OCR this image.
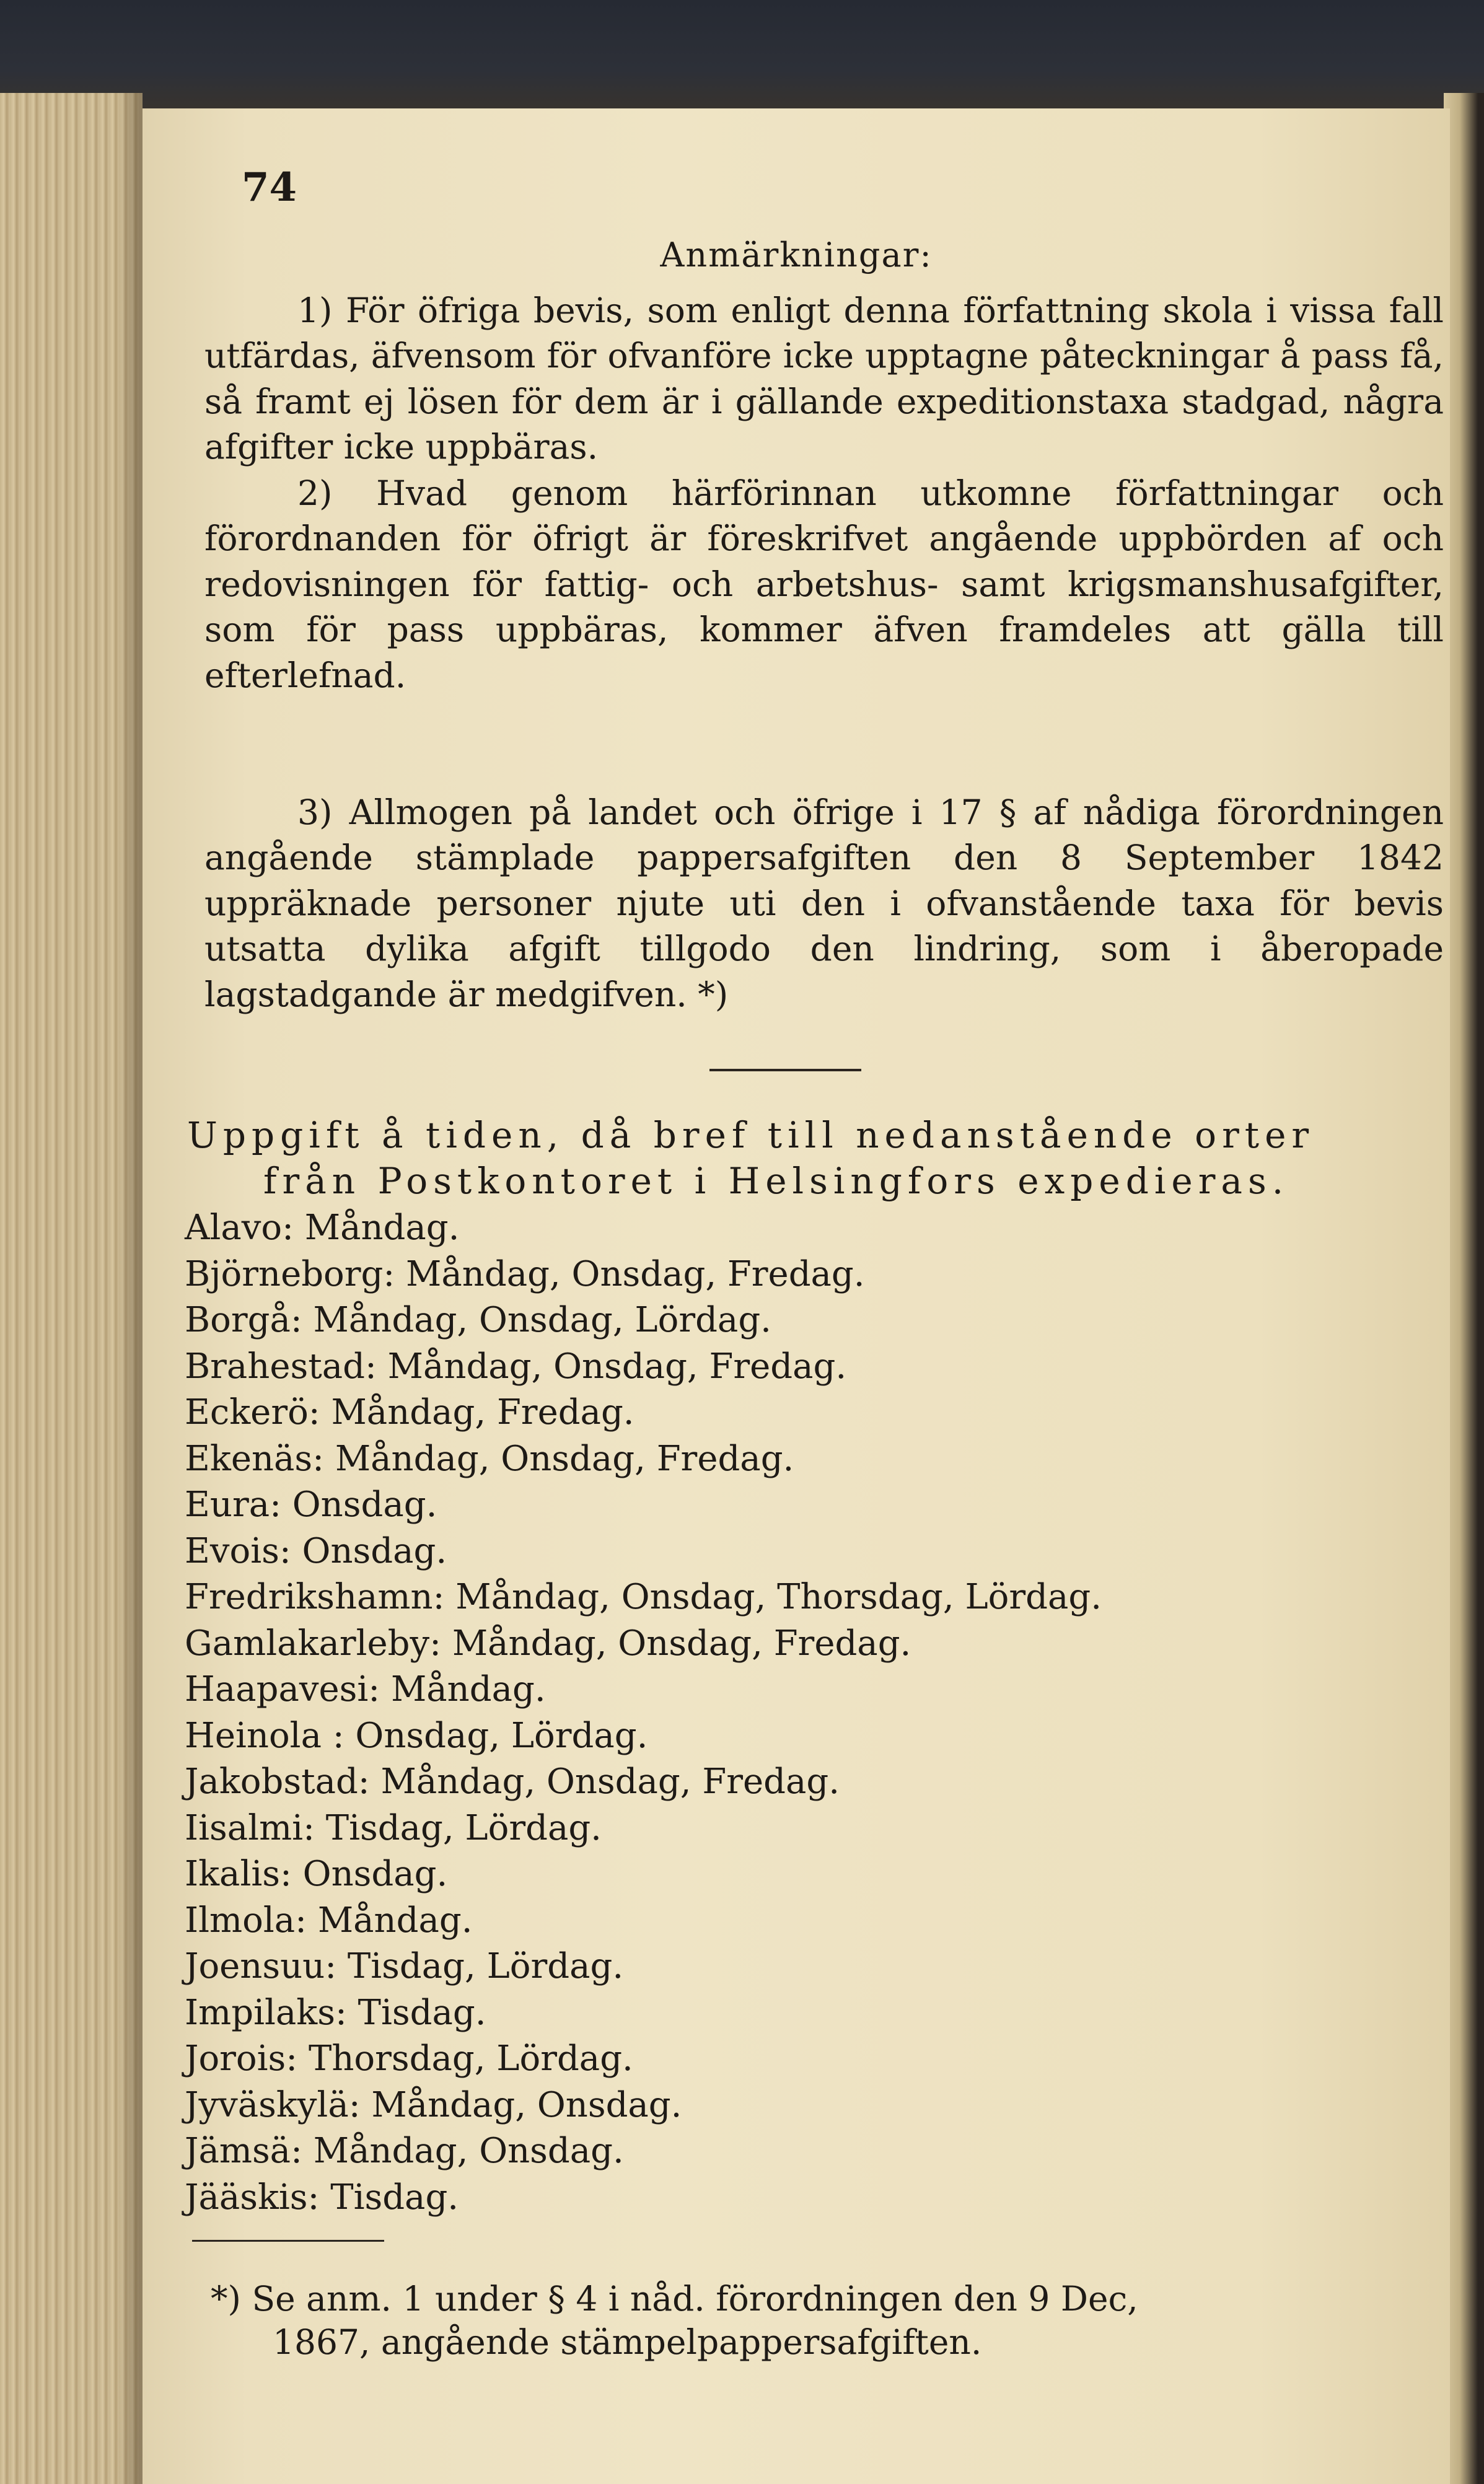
74
Anmärkningar:

1) För öfriga bevis, som enligt denna författning skola i vissa fall utfärdas, äfvensom för ofvanföre icke upptagne påteckningar å pass få, så framt ej lösen för dem är i gällande expeditionstaxa stadgad, några afgifter icke uppbäras.

2) Hvad genom härförinnan utkomne författningar och förordnanden för öfrigt är föreskrifvet angående uppbörden af och redovisningen för fattig- och arbetshus- samt krigsmanshusafgifter, som för pass uppbäras, kommer äfven framdeles att gälla till efterlefnad.

3) Allmogen på landet och öfrige i 17 § af nådiga förordningen angående stämplade pappersafgiften den 8 September 1842 uppräknade personer njute uti den i ofvanstående taxa för bevis utsatta dylika afgift tillgodo den lindring, som i åberopade lagstadgande är medgifven. *)

Uppgift å tiden, då bref till nedanstående orter
från Postkontoret i Helsingfors expedieras.

Alavo: Måndag.
Björneborg: Måndag, Onsdag, Fredag.
Borgå: Måndag, Onsdag, Lördag.
Brahestad: Måndag, Onsdag, Fredag.
Eckerö: Måndag, Fredag.
Ekenäs: Måndag, Onsdag, Fredag.
Eura: Onsdag.
Evois: Onsdag.
Fredrikshamn: Måndag, Onsdag, Thorsdag, Lördag.
Gamlakarleby: Måndag, Onsdag, Fredag.
Haapavesi: Måndag.
Heinola : Onsdag, Lördag.
Jakobstad: Måndag, Onsdag, Fredag.
Iisalmi: Tisdag, Lördag.
Ikalis: Onsdag.
Ilmola: Måndag.
Joensuu: Tisdag, Lördag.
Impilaks: Tisdag.
Jorois: Thorsdag, Lördag.
Jyväskylä: Måndag, Onsdag.
Jämsä: Måndag, Onsdag.
Jääskis: Tisdag.

*) Se anm. 1 under § 4 i nåd. förordningen den 9 Dec,
1867, angående stämpelpappersafgiften.
